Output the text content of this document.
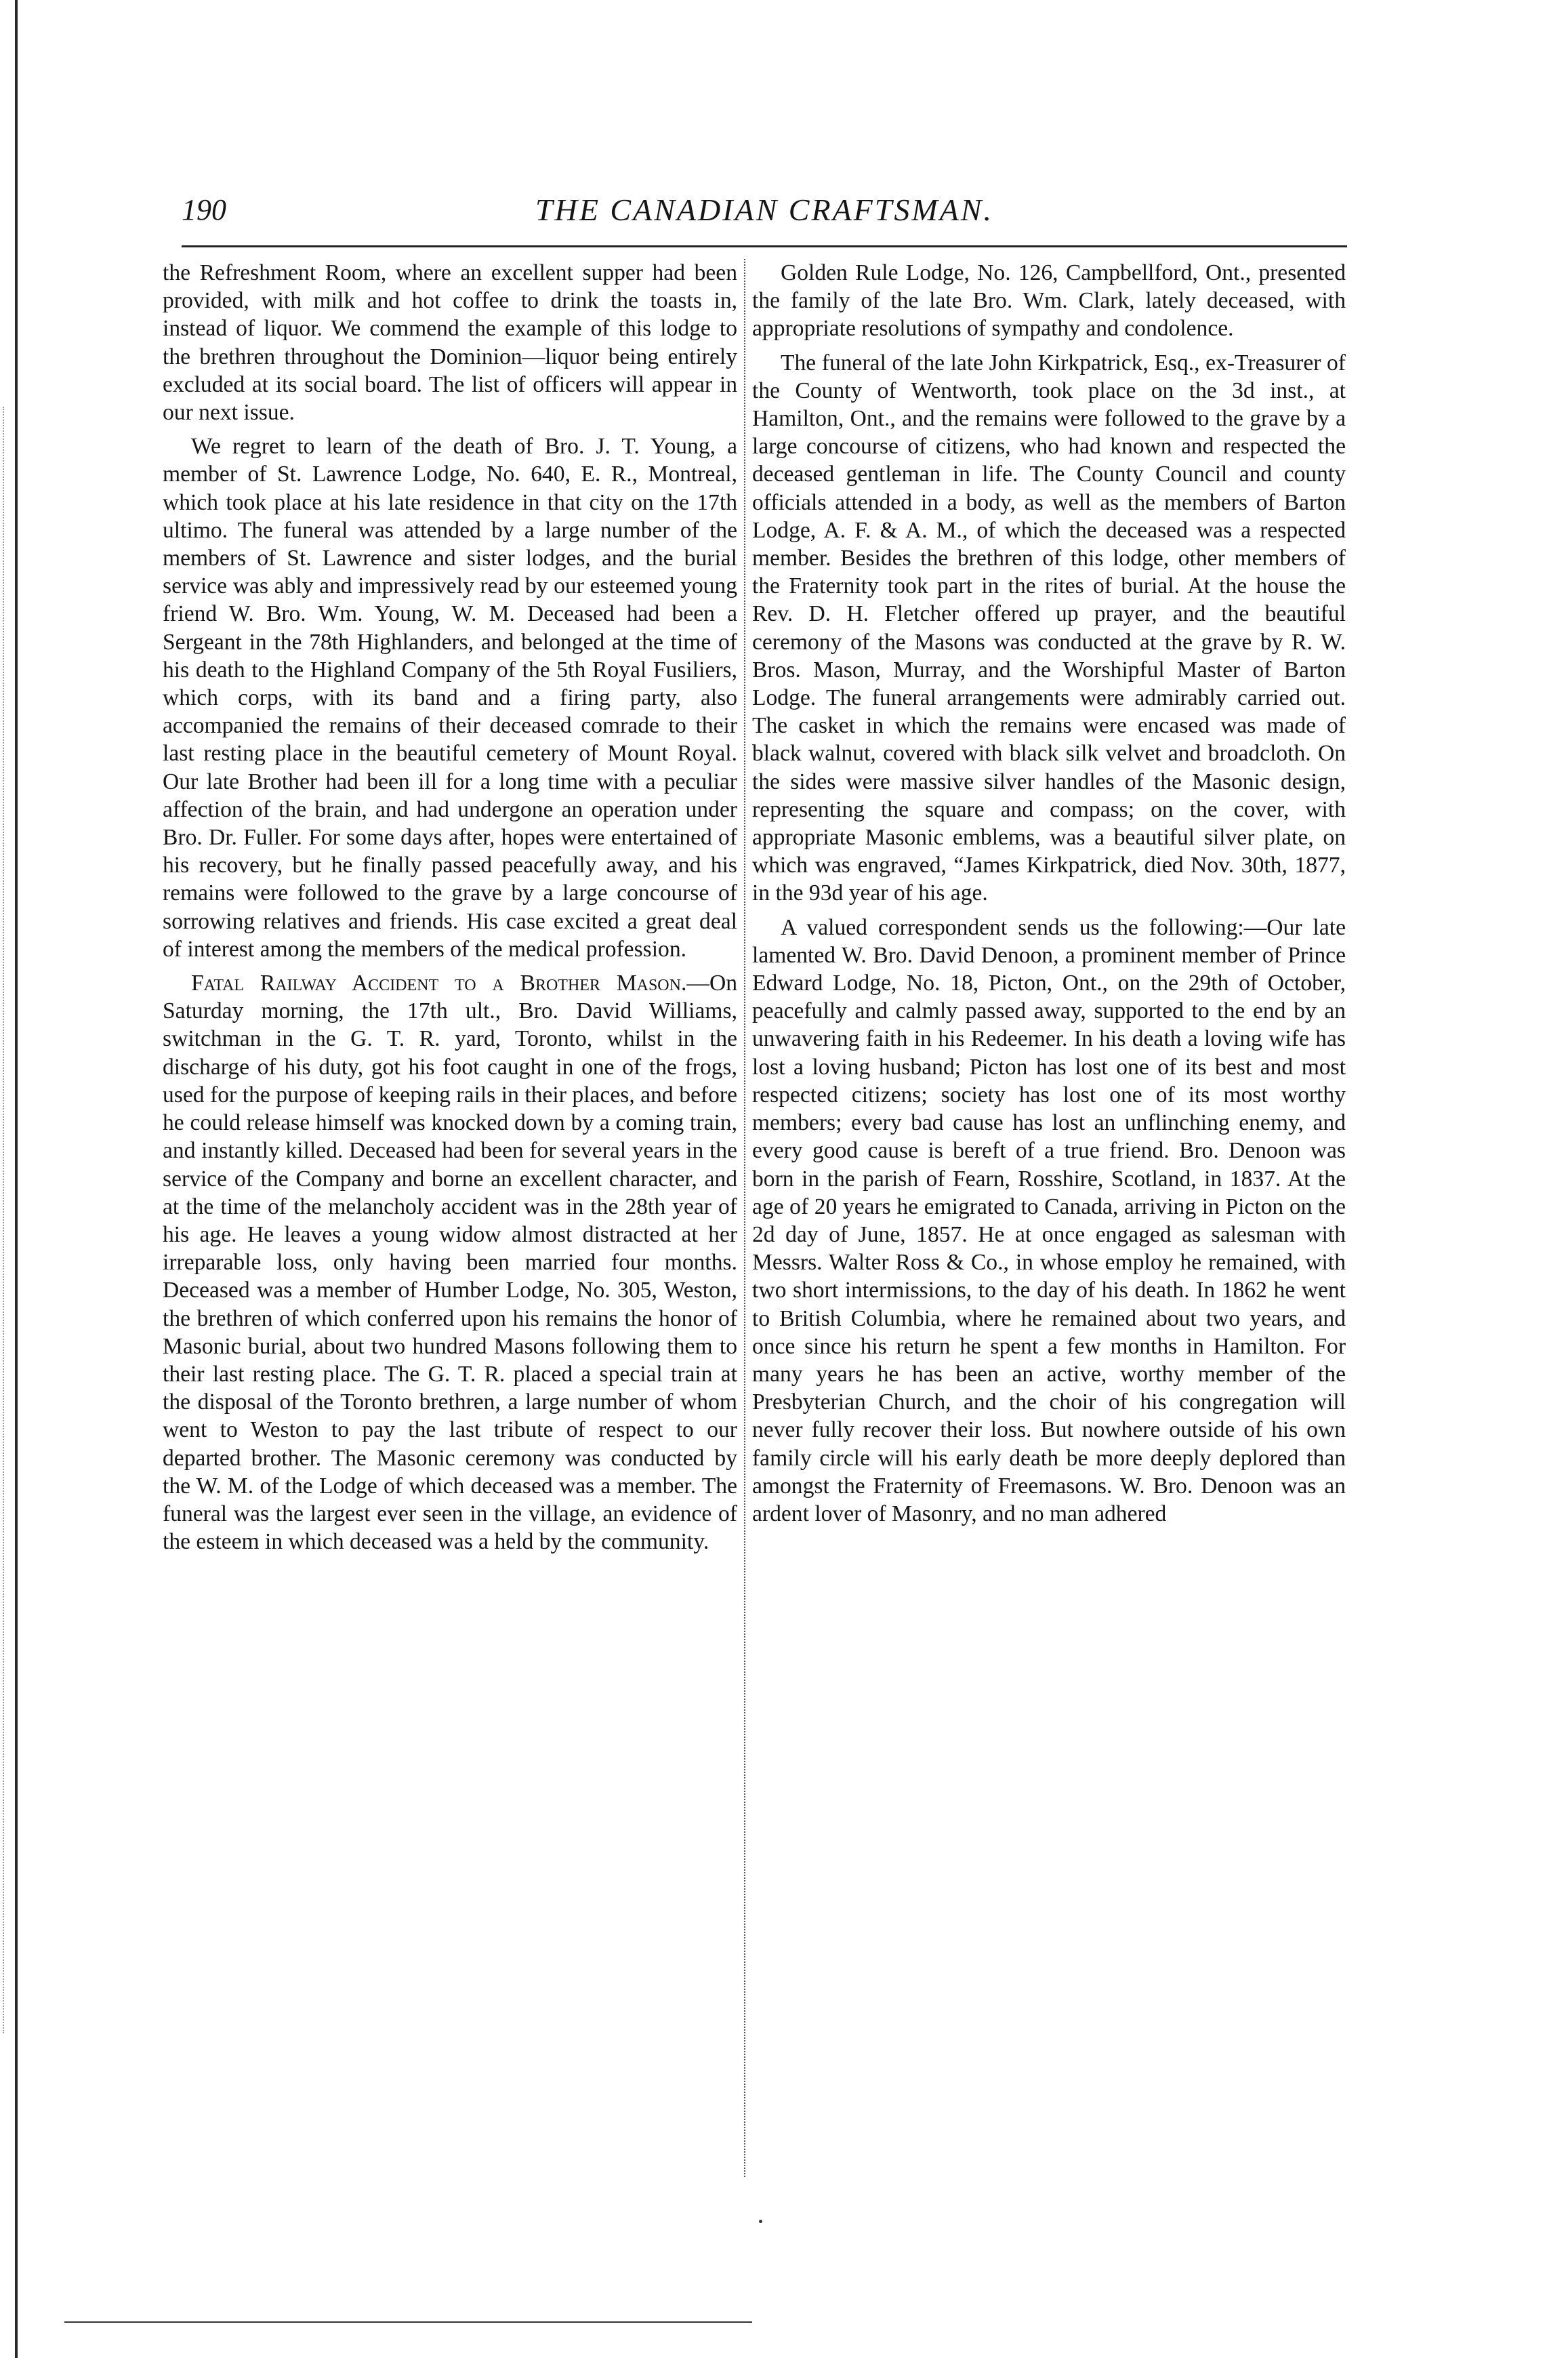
190	THE CANADIAN CRAFTSMAN.

the Refreshment Room, where an excellent supper had been provided, with milk and hot coffee to drink the toasts in, instead of liquor. We commend the example of this lodge to the brethren throughout the Dominion—liquor being entirely excluded at its social board. The list of officers will appear in our next issue.

We regret to learn of the death of Bro. J. T. Young, a member of St. Lawrence Lodge, No. 640, E. R., Montreal, which took place at his late residence in that city on the 17th ultimo. The funeral was attended by a large number of the members of St. Lawrence and sister lodges, and the burial service was ably and impressively read by our esteemed young friend W. Bro. Wm. Young, W. M. Deceased had been a Sergeant in the 78th Highlanders, and belonged at the time of his death to the Highland Company of the 5th Royal Fusiliers, which corps, with its band and a firing party, also accompanied the remains of their deceased comrade to their last resting place in the beautiful cemetery of Mount Royal. Our late Brother had been ill for a long time with a peculiar affection of the brain, and had undergone an operation under Bro. Dr. Fuller. For some days after, hopes were entertained of his recovery, but he finally passed peacefully away, and his remains were followed to the grave by a large concourse of sorrowing relatives and friends. His case excited a great deal of interest among the members of the medical profession.

Fatal Railway Accident to a Brother Mason.—On Saturday morning, the 17th ult., Bro. David Williams, switchman in the G. T. R. yard, Toronto, whilst in the discharge of his duty, got his foot caught in one of the frogs, used for the purpose of keeping rails in their places, and before he could release himself was knocked down by a coming train, and instantly killed. Deceased had been for several years in the service of the Company and borne an excellent character, and at the time of the melancholy accident was in the 28th year of his age. He leaves a young widow almost distracted at her irreparable loss, only having been married four months. Deceased was a member of Humber Lodge, No. 305, Weston, the brethren of which conferred upon his remains the honor of Masonic burial, about two hundred Masons following them to their last resting place. The G. T. R. placed a special train at the disposal of the Toronto brethren, a large number of whom went to Weston to pay the last tribute of respect to our departed brother. The Masonic ceremony was conducted by the W. M. of the Lodge of which deceased was a member. The funeral was the largest ever seen in the village, an evidence of the esteem in which deceased was a held by the community.

Golden Rule Lodge, No. 126, Campbellford, Ont., presented the family of the late Bro. Wm. Clark, lately deceased, with appropriate resolutions of sympathy and condolence.

The funeral of the late John Kirkpatrick, Esq., ex-Treasurer of the County of Wentworth, took place on the 3d inst., at Hamilton, Ont., and the remains were followed to the grave by a large concourse of citizens, who had known and respected the deceased gentleman in life. The County Council and county officials attended in a body, as well as the members of Barton Lodge, A. F. & A. M., of which the deceased was a respected member. Besides the brethren of this lodge, other members of the Fraternity took part in the rites of burial. At the house the Rev. D. H. Fletcher offered up prayer, and the beautiful ceremony of the Masons was conducted at the grave by R. W. Bros. Mason, Murray, and the Worshipful Master of Barton Lodge. The funeral arrangements were admirably carried out. The casket in which the remains were encased was made of black walnut, covered with black silk velvet and broadcloth. On the sides were massive silver handles of the Masonic design, representing the square and compass; on the cover, with appropriate Masonic emblems, was a beautiful silver plate, on which was engraved, “James Kirkpatrick, died Nov. 30th, 1877, in the 93d year of his age.

A valued correspondent sends us the following:—Our late lamented W. Bro. David Denoon, a prominent member of Prince Edward Lodge, No. 18, Picton, Ont., on the 29th of October, peacefully and calmly passed away, supported to the end by an unwavering faith in his Redeemer. In his death a loving wife has lost a loving husband; Picton has lost one of its best and most respected citizens; society has lost one of its most worthy members; every bad cause has lost an unflinching enemy, and every good cause is bereft of a true friend. Bro. Denoon was born in the parish of Fearn, Rosshire, Scotland, in 1837. At the age of 20 years he emigrated to Canada, arriving in Picton on the 2d day of June, 1857. He at once engaged as salesman with Messrs. Walter Ross & Co., in whose employ he remained, with two short intermissions, to the day of his death. In 1862 he went to British Columbia, where he remained about two years, and once since his return he spent a few months in Hamilton. For many years he has been an active, worthy member of the Presbyterian Church, and the choir of his congregation will never fully recover their loss. But nowhere outside of his own family circle will his early death be more deeply deplored than amongst the Fraternity of Freemasons. W. Bro. Denoon was an ardent lover of Masonry, and no man adhered
